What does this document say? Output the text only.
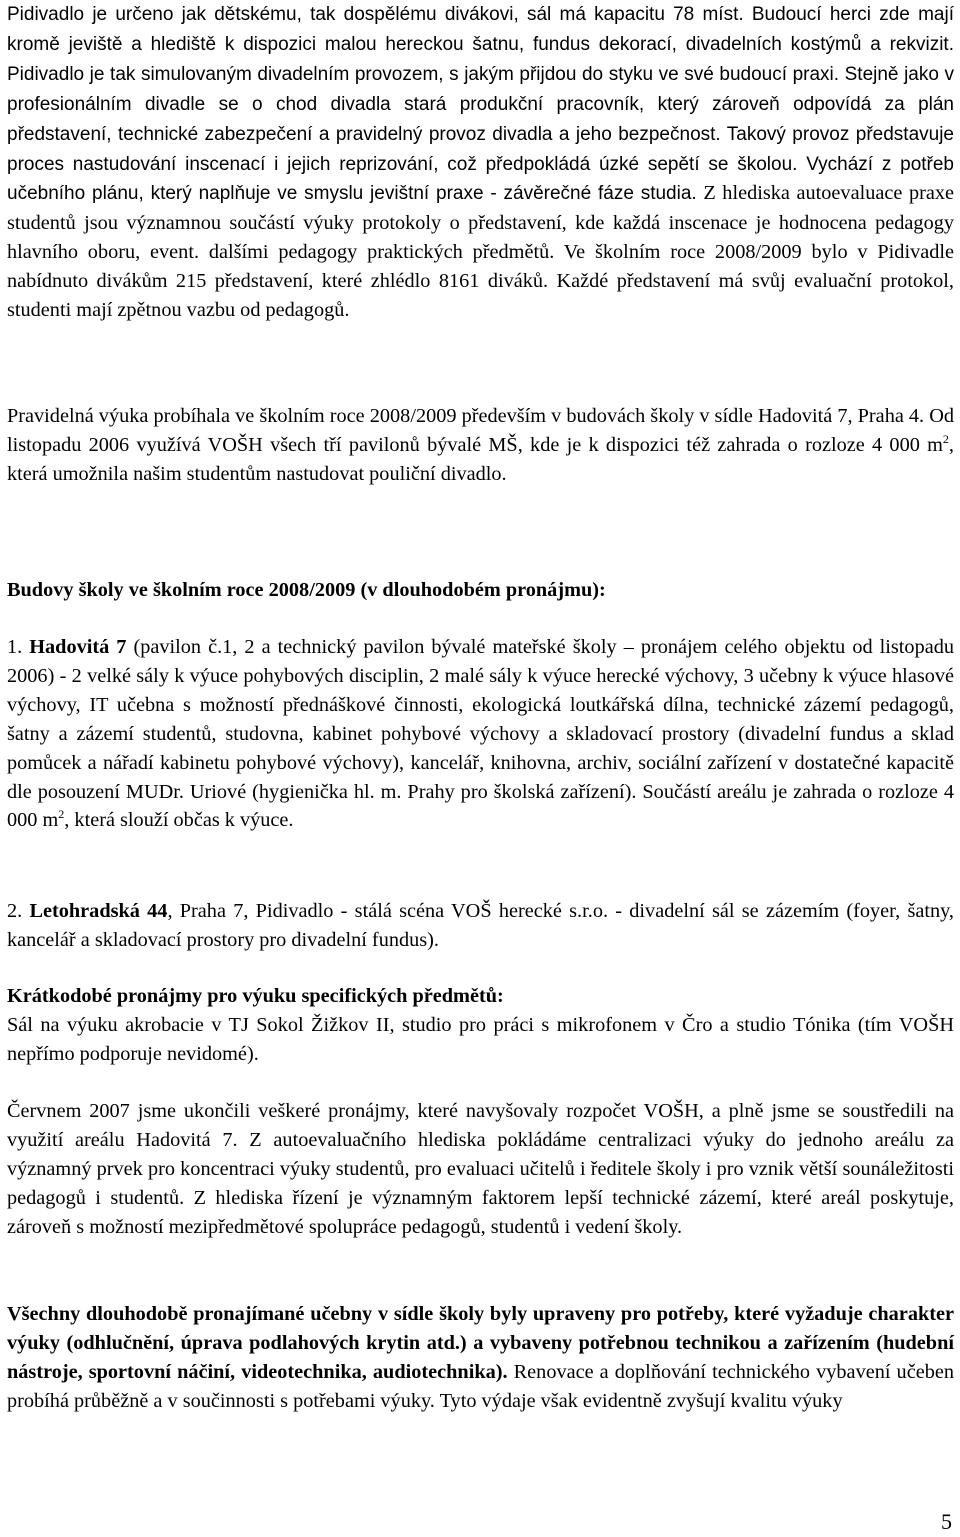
Pidivadlo je určeno jak dětskému, tak dospělému divákovi, sál má kapacitu 78 míst. Budoucí herci zde mají kromě jeviště a hlediště k dispozici malou hereckou šatnu, fundus dekorací, divadelních kostýmů a rekvizit. Pidivadlo je tak simulovaným divadelním provozem, s jakým přijdou do styku ve své budoucí praxi. Stejně jako v profesionálním divadle se o chod divadla stará produkční pracovník, který zároveň odpovídá za plán představení, technické zabezpečení a pravidelný provoz divadla a jeho bezpečnost. Takový provoz představuje proces nastudování inscenací i jejich reprizování, což předpokládá úzké sepětí se školou. Vychází z potřeb učebního plánu, který naplňuje ve smyslu jevištní praxe - závěrečné fáze studia. Z hlediska autoevaluace praxe studentů jsou významnou součástí výuky protokoly o představení, kde každá inscenace je hodnocena pedagogy hlavního oboru, event. dalšími pedagogy praktických předmětů. Ve školním roce 2008/2009 bylo v Pidivadle nabídnuto divákům 215 představení, které zhlédlo 8161 diváků. Každé představení má svůj evaluační protokol, studenti mají zpětnou vazbu od pedagogů.

Pravidelná výuka probíhala ve školním roce 2008/2009 především v budovách školy v sídle Hadovitá 7, Praha 4. Od listopadu 2006 využívá VOŠH všech tří pavilonů bývalé MŠ, kde je k dispozici též zahrada o rozloze 4 000 $m^2$, která umožnila našim studentům nastudovat pouliční divadlo.

Budovy školy ve školním roce 2008/2009 (v dlouhodobém pronájmu):

1. Hadovitá 7 (pavilon č.1, 2 a technický pavilon bývalé mateřské školy – pronájem celého objektu od listopadu 2006) - 2 velké sály k výuce pohybových disciplin, 2 malé sály k výuce herecké výchovy, 3 učebny k výuce hlasové výchovy, IT učebna s možností přednáškové činnosti, ekologická loutkářská dílna, technické zázemí pedagogů, šatny a zázemí studentů, studovna, kabinet pohybové výchovy a skladovací prostory (divadelní fundus a sklad pomůcek a nářadí kabinetu pohybové výchovy), kancelář, knihovna, archiv, sociální zařízení v dostatečné kapacitě dle posouzení MUDr. Uriové (hygienička hl. m. Prahy pro školská zařízení). Součástí areálu je zahrada o rozloze 4 000 $m^2$, která slouží občas k výuce.

2. Letohradská 44, Praha 7, Pidivadlo - stálá scéna VOŠ herecké s.r.o. - divadelní sál se zázemím (foyer, šatny, kancelář a skladovací prostory pro divadelní fundus).

Krátkodobé pronájmy pro výuku specifických předmětů:
Sál na výuku akrobacie v TJ Sokol Žižkov II, studio pro práci s mikrofonem v Čro a studio Tónika (tím VOŠH nepřímo podporuje nevidomé).

Červnem 2007 jsme ukončili veškeré pronájmy, které navyšovaly rozpočet VOŠH, a plně jsme se soustředili na využití areálu Hadovitá 7. Z autoevaluačního hlediska pokládáme centralizaci výuky do jednoho areálu za významný prvek pro koncentraci výuky studentů, pro evaluaci učitelů i ředitele školy i pro vznik větší sounáležitosti pedagogů i studentů. Z hlediska řízení je významným faktorem lepší technické zázemí, které areál poskytuje, zároveň s možností mezipředmětové spolupráce pedagogů, studentů i vedení školy.

Všechny dlouhodobě pronajímané učebny v sídle školy byly upraveny pro potřeby, které vyžaduje charakter výuky (odhlučnění, úprava podlahových krytin atd.) a vybaveny potřebnou technikou a zařízením (hudební nástroje, sportovní náčiní, videotechnika, audiotechnika). Renovace a doplňování technického vybavení učeben probíhá průběžně a v součinnosti s potřebami výuky. Tyto výdaje však evidentně zvyšují kvalitu výuky

5
